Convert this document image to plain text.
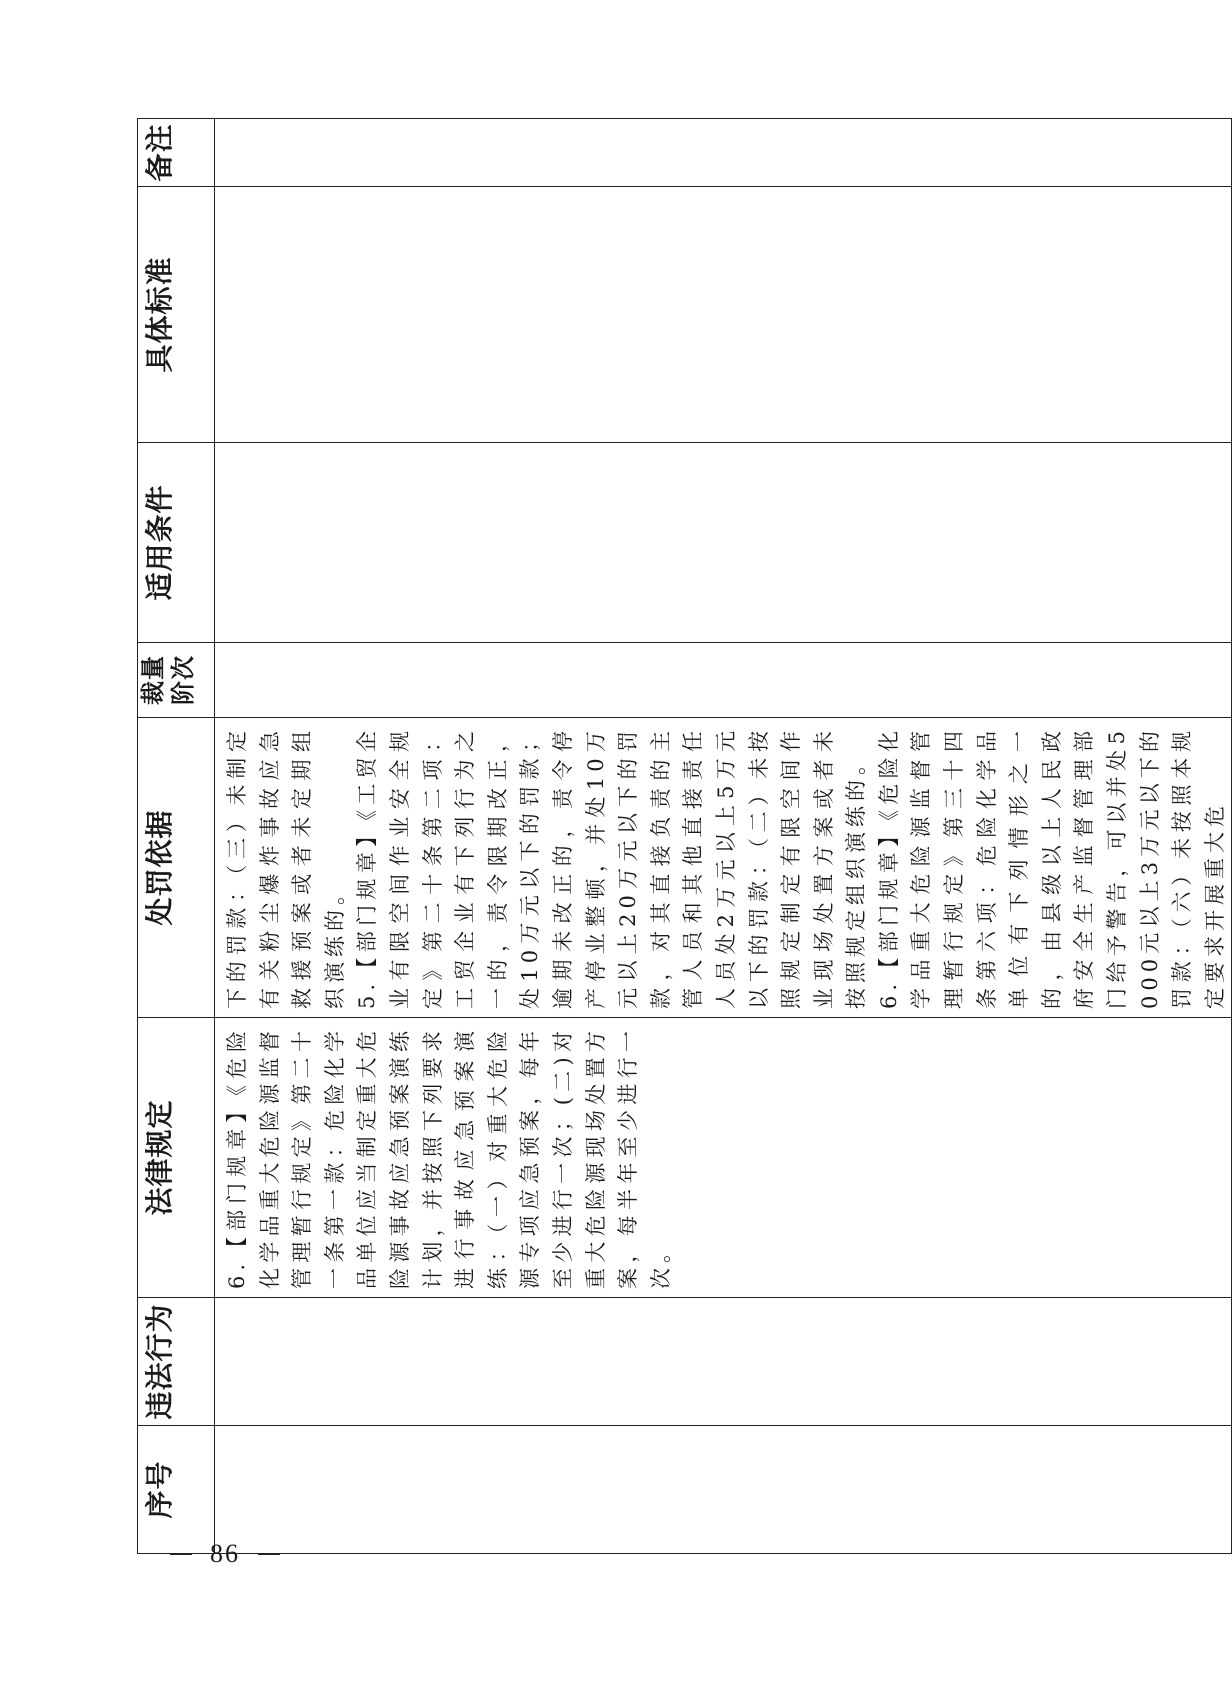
序号	违法行为	法律规定	处罚依据	裁量阶次	适用条件	具体标准	备注

		6.【部门规章】《危险化学品重大危险源监督管理暂行规定》第二十一条第一款：危险化学品单位应当制定重大危险源事故应急预案演练计划，并按照下列要求进行事故应急预案演练：（一）对重大危险源专项应急预案，每年至少进行一次；(二)对重大危险源现场处置方案，每半年至少进行一次。	下的罚款：（三）未制定有关粉尘爆炸事故应急救援预案或者未定期组织演练的。 5.【部门规章】《工贸企业有限空间作业安全规定》第二十条第二项：工贸企业有下列行为之一的，责令限期改正，处10万元以下的罚款；逾期未改正的，责令停产停业整顿，并处10万元以上20万元以下的罚款，对其直接负责的主管人员和其他直接责任人员处2万元以上5万元以下的罚款：（二）未按照规定制定有限空间作业现场处置方案或者未按照规定组织演练的。 6.【部门规章】《危险化学品重大危险源监督管理暂行规定》第三十四条第六项：危险化学品单位有下列情形之一的，由县级以上人民政府安全生产监督管理部门给予警告，可以并处5000元以上3万元以下的罚款：（六）未按照本规定要求开展重大危				

86
